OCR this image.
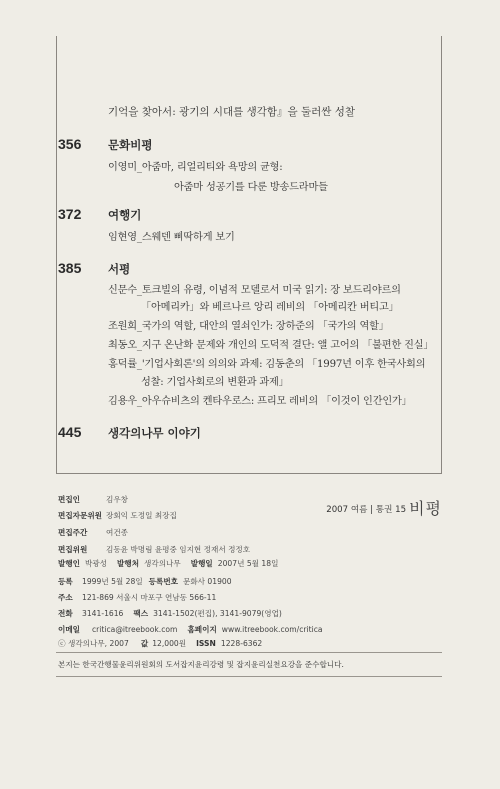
기억을 찾아서: 광기의 시대를 생각함』을 둘러싼 성찰
356 문화비평
이영미_아줌마, 리얼리티와 욕망의 균형:
아줌마 성공기를 다룬 방송드라마들
372 여행기
임현영_스웨덴 삐딱하게 보기
385 서평
신문수_토크빌의 유령, 이념적 모델로서 미국 읽기: 장 보드리야르의
「아메리카」와 베르나르 앙리 레비의 「아메리칸 버티고」
조원희_국가의 역할, 대안의 열쇠인가: 장하준의 「국가의 역할」
최동오_지구 온난화 문제와 개인의 도덕적 결단: 앨 고어의 「불편한 진실」
홍덕률_'기업사회론'의 의의와 과제: 김동춘의 「1997년 이후 한국사회의
성찰: 기업사회로의 변환과 과제」
김용우_아우슈비츠의 켄타우로스: 프리모 레비의 「이것이 인간인가」
445 생각의나무 이야기
2007 여름 | 통권 15 비평
편집인	김우창
편집자문위원 장회익 도정일 최장집
편집주간 여건종
편집위원 김동윤 박명림 윤평중 임지현 정재서 정정호
발행인 박광성 발행처 생각의나무 발행일 2007년 5월 18일
등록 1999년 5월 28일 등록번호 문화사 01900
주소 121-869 서울시 마포구 연남동 566-11
전화 3141-1616 팩스 3141-1502(편집), 3141-9079(영업)
이메일 critica@itreebook.com 홈페이지 www.itreebook.com/critica
ⓒ 생각의나무, 2007 값 12,000원 ISSN 1228-6362
본지는 한국간행물윤리위원회의 도서잡지윤리강령 및 잡지윤리실천요강을 준수합니다.
